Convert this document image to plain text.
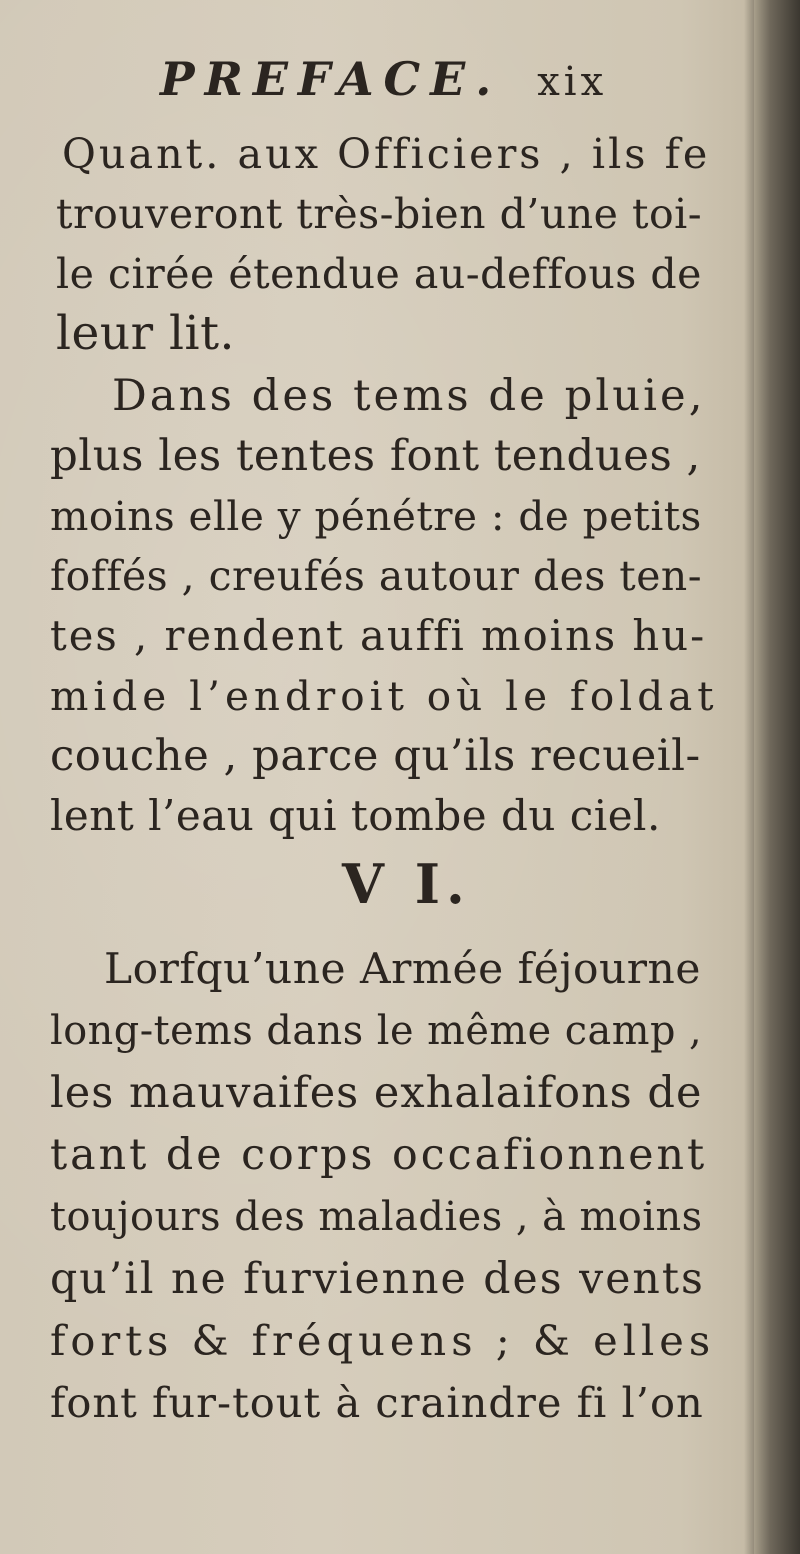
PREFACE. xix
Quant. aux Officiers , ils fe
trouveront très-bien d’une toi-
le cirée étendue au-deffous de
leur lit.
Dans des tems de pluie,
plus les tentes font tendues ,
moins elle y pénétre : de petits
foffés , creufés autour des ten-
tes , rendent auffi moins hu-
mide l’endroit où le foldat
couche , parce qu’ils recueil-
lent l’eau qui tombe du ciel.
V I.
Lorfqu’une Armée féjourne
long-tems dans le même camp ,
les mauvaifes exhalaifons de
tant de corps occafionnent
toujours des maladies , à moins
qu’il ne furvienne des vents
forts & fréquens ; & elles
font fur-tout à craindre fi l’on
